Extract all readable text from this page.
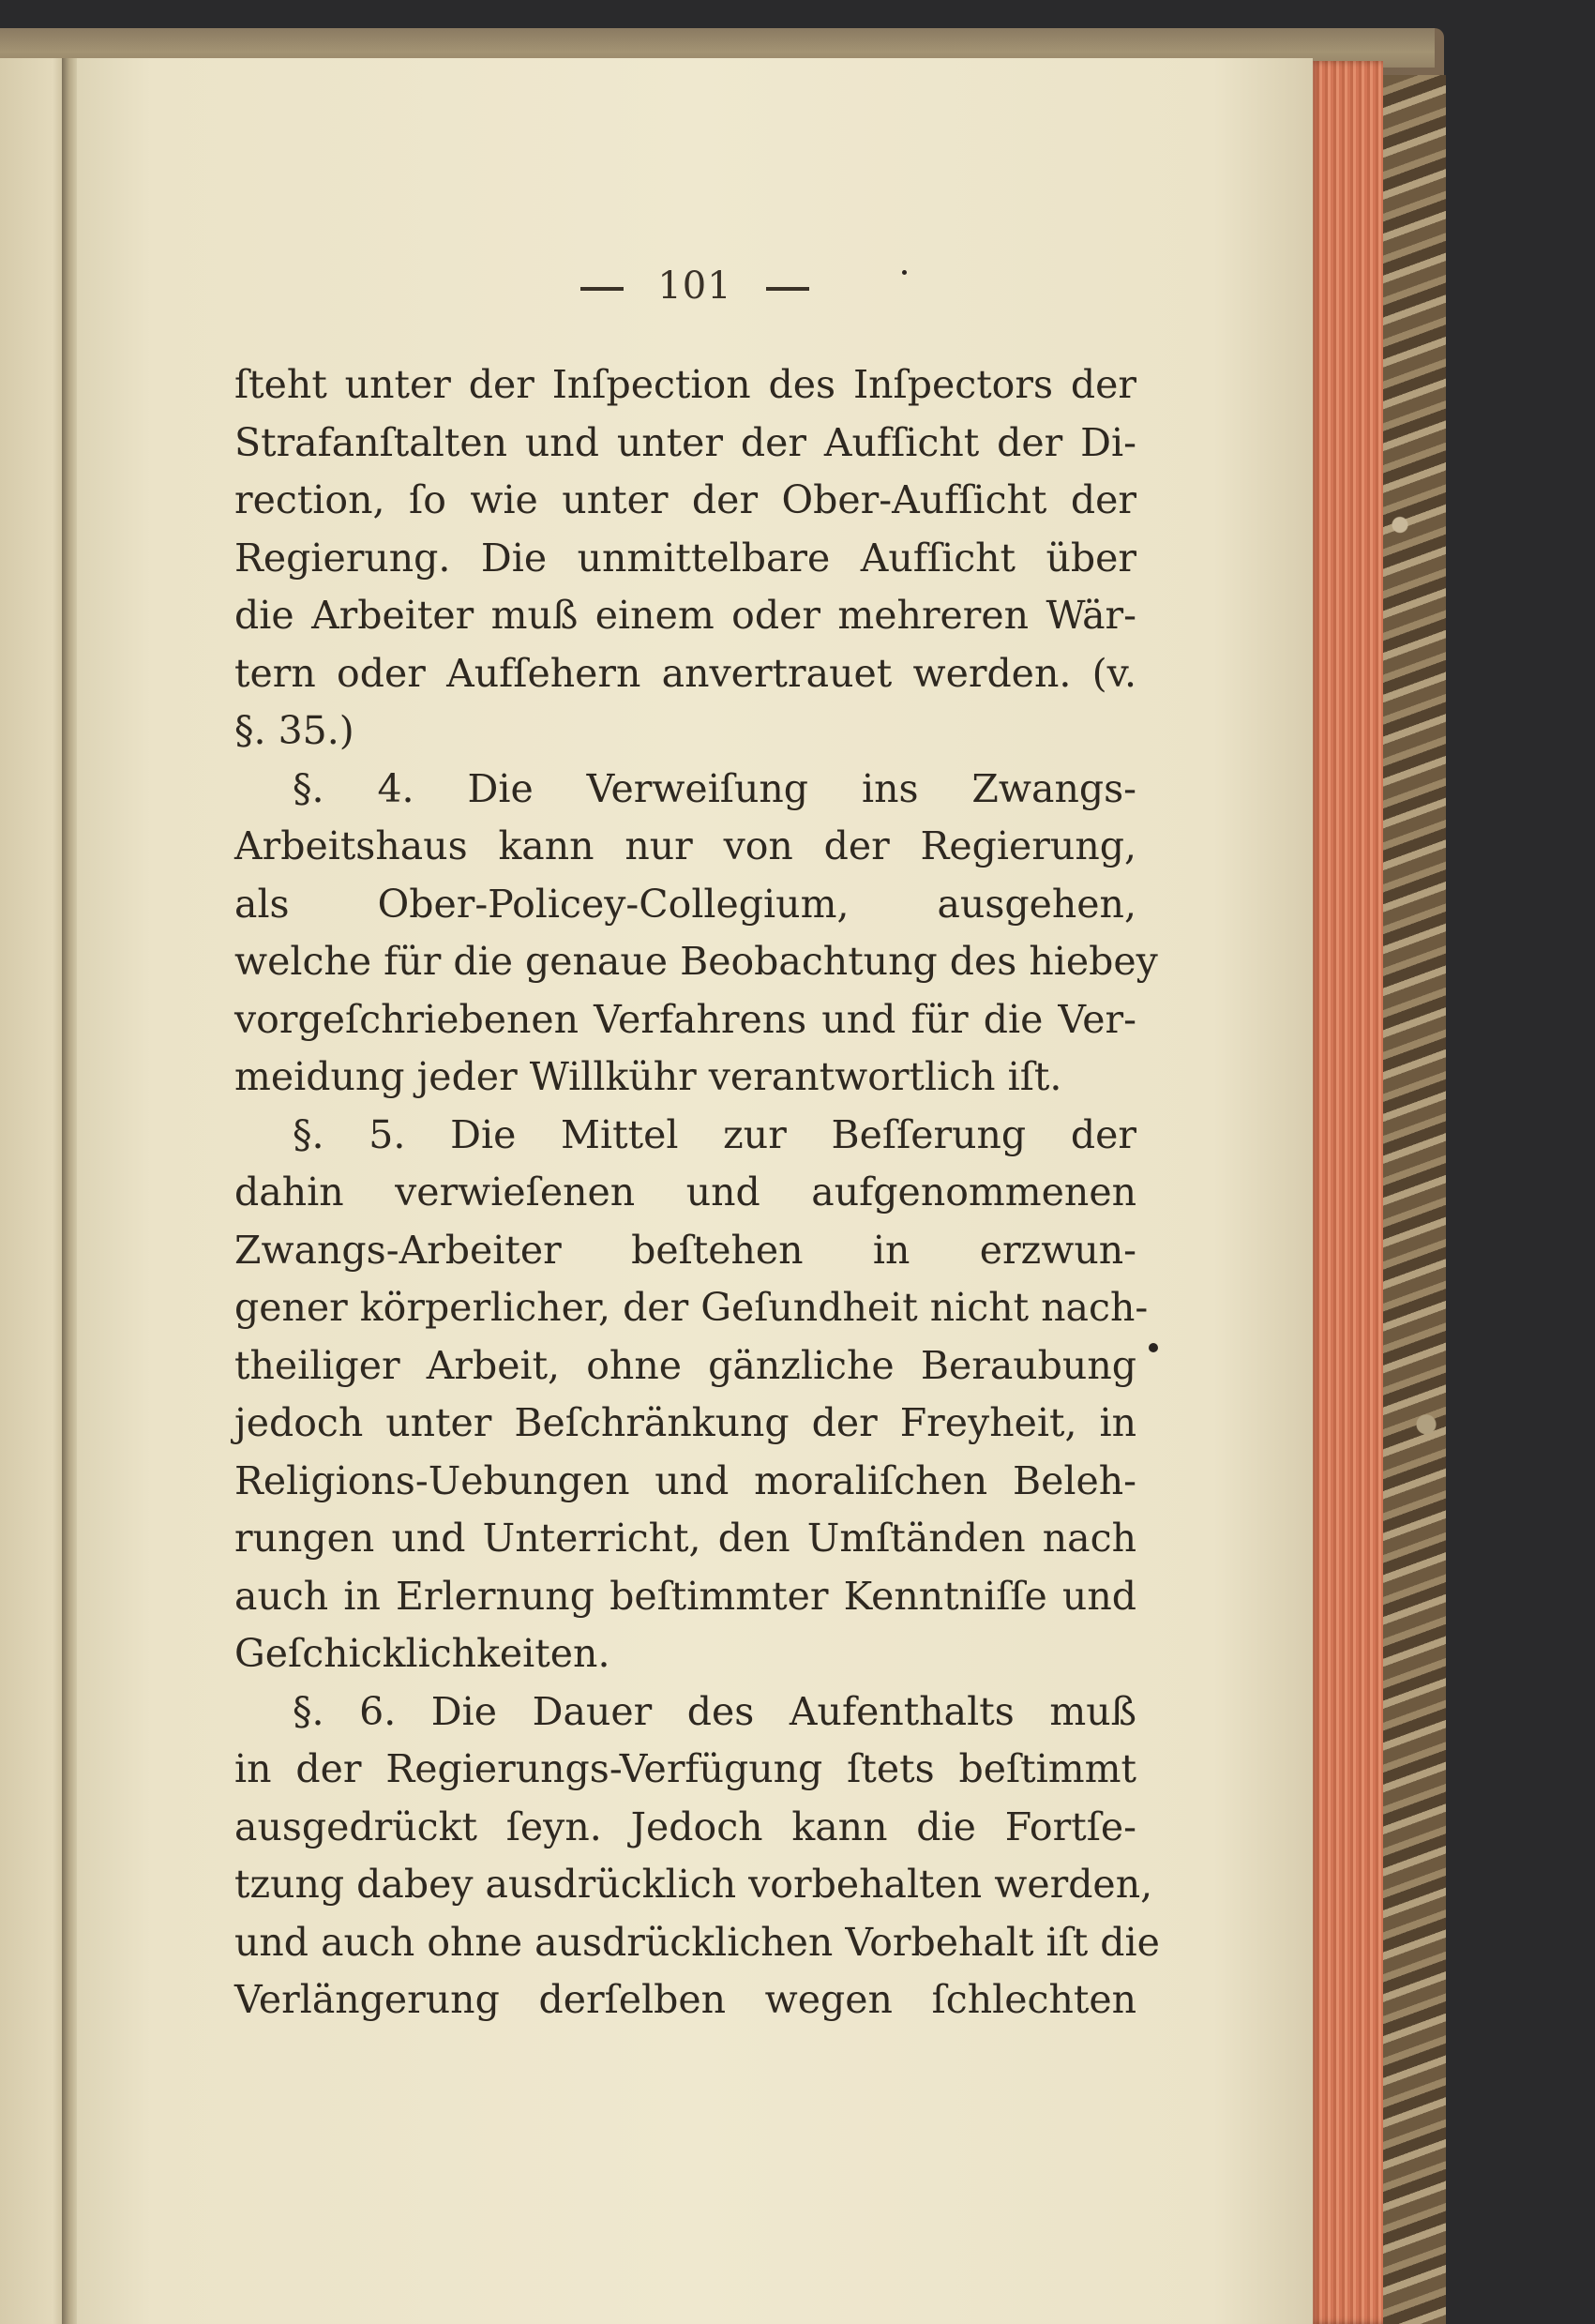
101
ſteht unter der Inſpection des Inſpectors der
Strafanſtalten und unter der Aufſicht der Di-
rection, ſo wie unter der Ober-Aufſicht der
Regierung. Die unmittelbare Aufſicht über
die Arbeiter muß einem oder mehreren Wär-
tern oder Aufſehern anvertrauet werden. (v.
§. 35.)
§. 4. Die Verweiſung ins Zwangs-
Arbeitshaus kann nur von der Regierung,
als Ober-Policey-Collegium, ausgehen,
welche für die genaue Beobachtung des hiebey
vorgeſchriebenen Verfahrens und für die Ver-
meidung jeder Willkühr verantwortlich iſt.
§. 5. Die Mittel zur Beſſerung der
dahin verwieſenen und aufgenommenen
Zwangs-Arbeiter beſtehen in erzwun-
gener körperlicher, der Geſundheit nicht nach-
theiliger Arbeit, ohne gänzliche Beraubung
jedoch unter Beſchränkung der Freyheit, in
Religions-Uebungen und moraliſchen Beleh-
rungen und Unterricht, den Umſtänden nach
auch in Erlernung beſtimmter Kenntniſſe und
Geſchicklichkeiten.
§. 6. Die Dauer des Aufenthalts muß
in der Regierungs-Verfügung ſtets beſtimmt
ausgedrückt ſeyn. Jedoch kann die Fortſe-
tzung dabey ausdrücklich vorbehalten werden,
und auch ohne ausdrücklichen Vorbehalt iſt die
Verlängerung derſelben wegen ſchlechten
